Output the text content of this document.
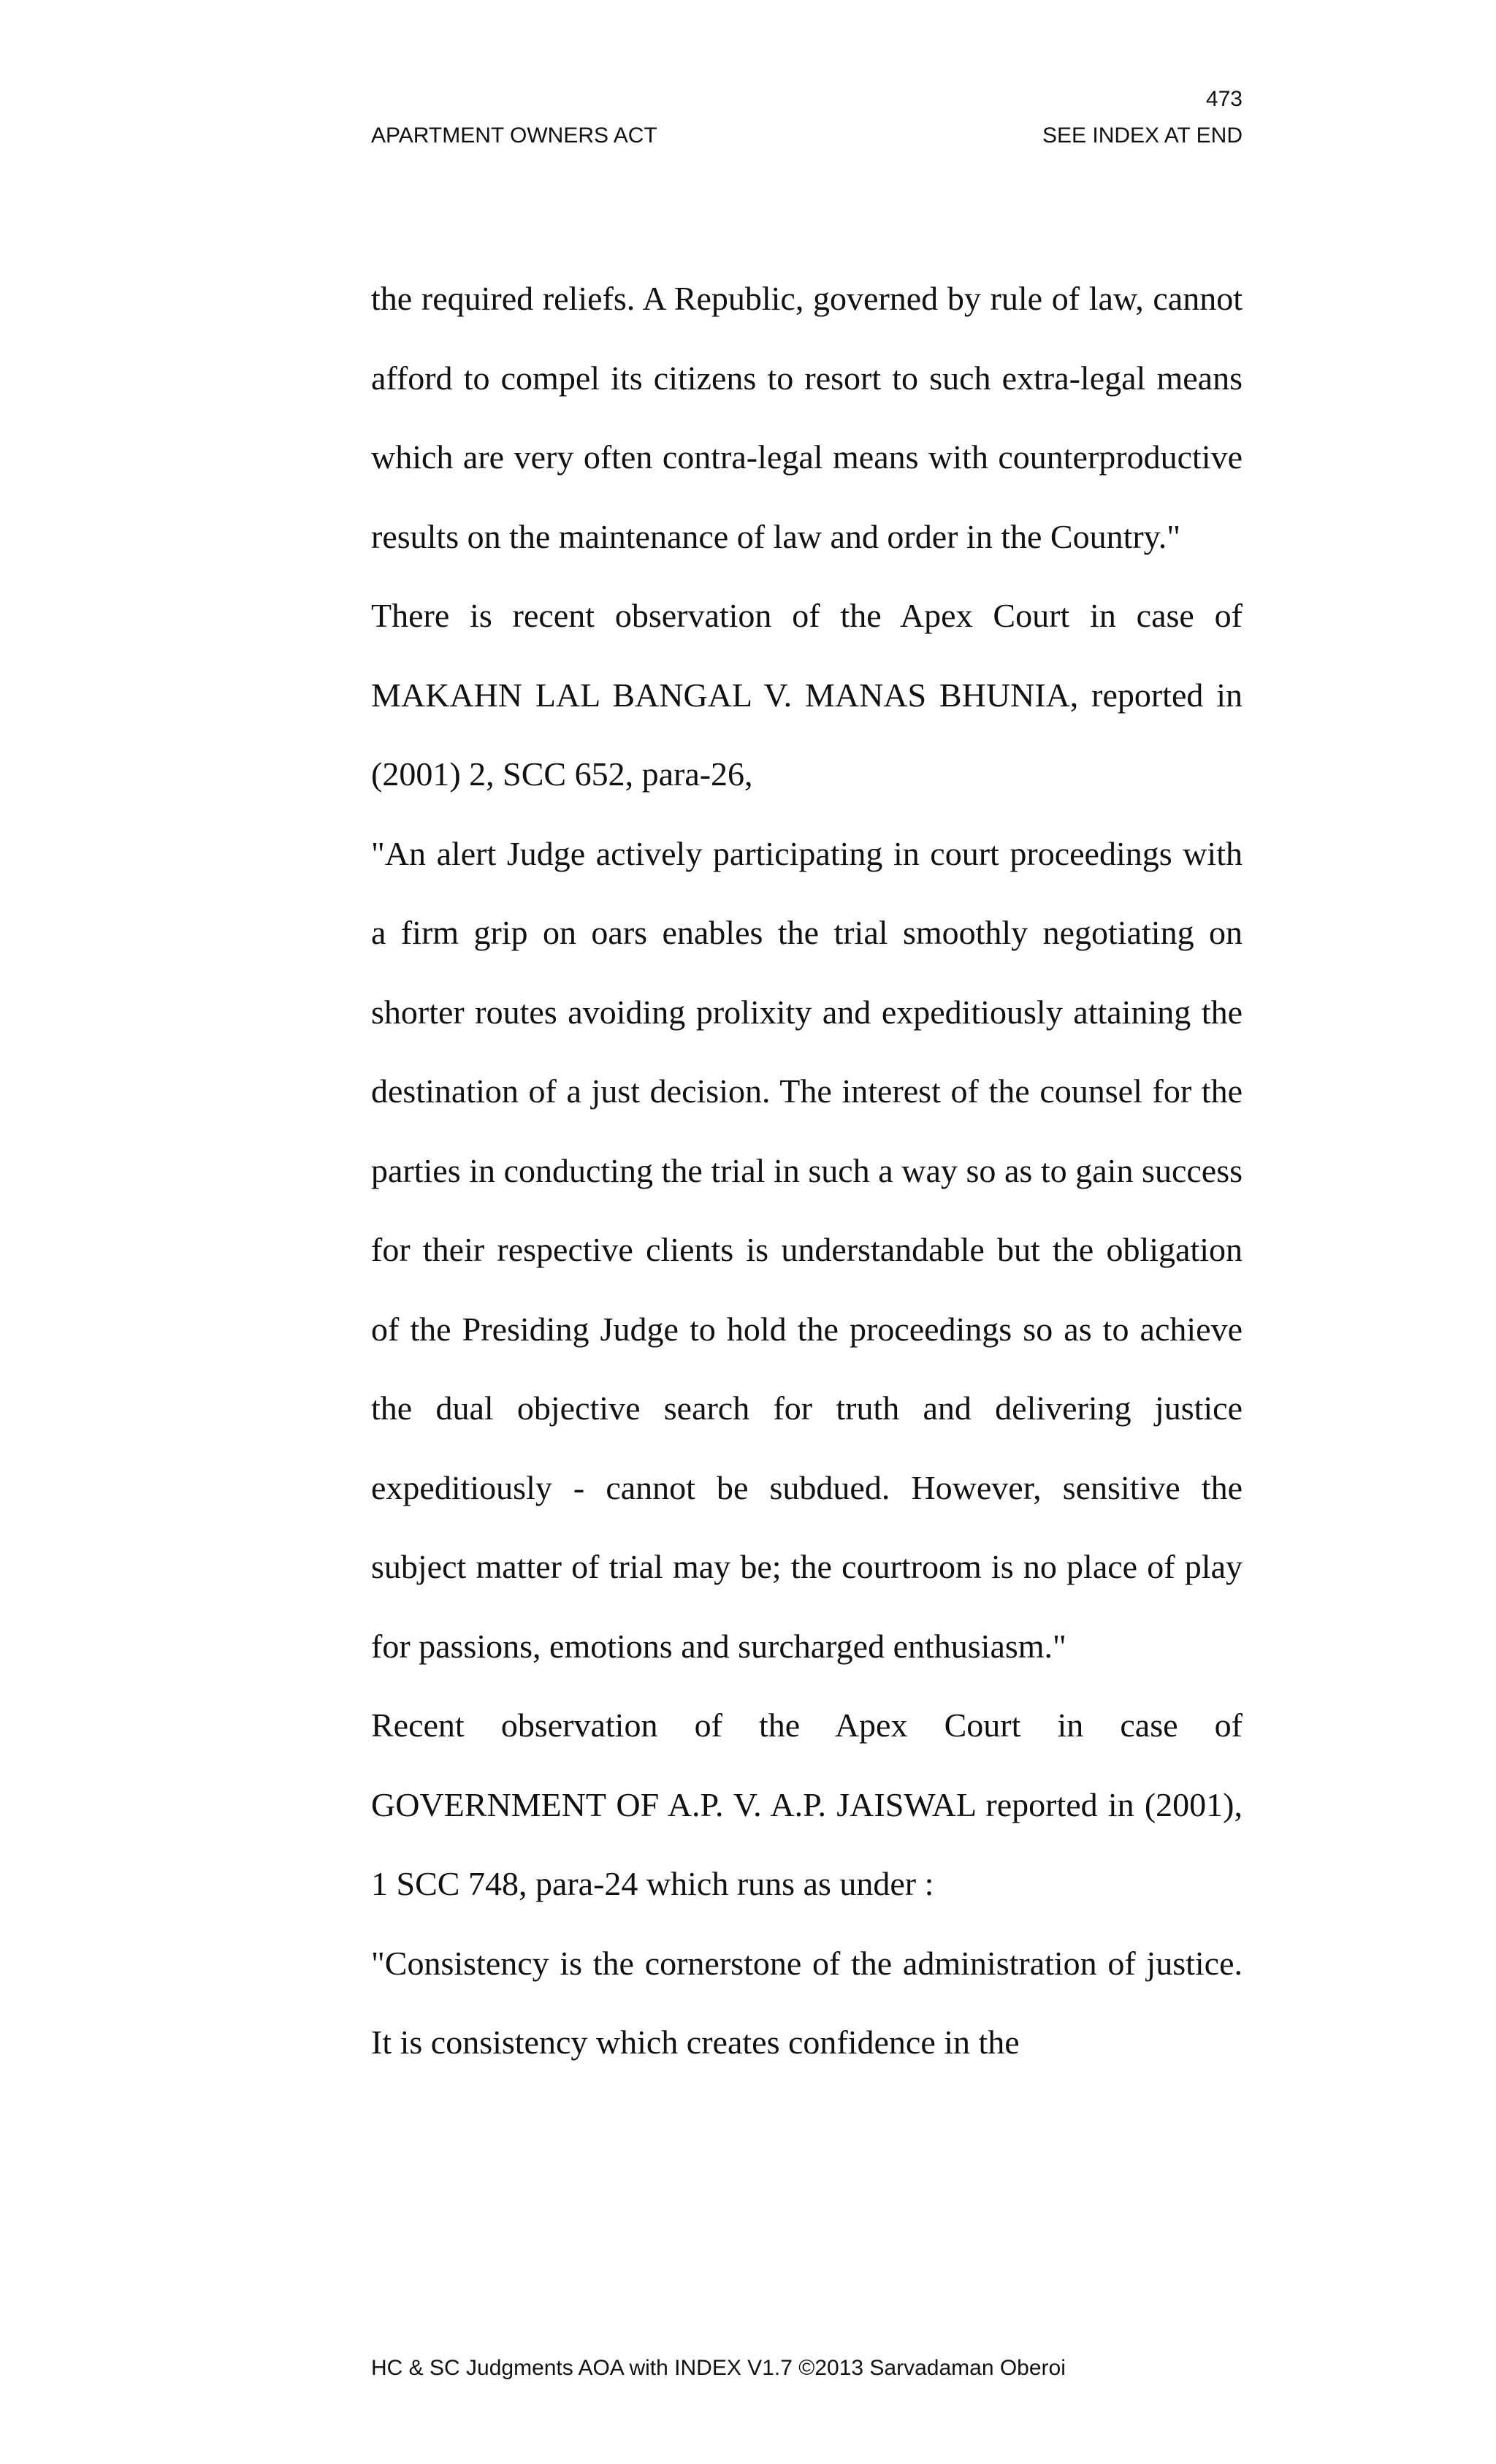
473
APARTMENT OWNERS ACT	SEE INDEX AT END

the required reliefs. A Republic, governed by rule of law, cannot afford to compel its citizens to resort to such extra-legal means which are very often contra-legal means with counterproductive results on the maintenance of law and order in the Country."

There is recent observation of the Apex Court in case of MAKAHN LAL BANGAL V. MANAS BHUNIA, reported in (2001) 2, SCC 652, para-26,

"An alert Judge actively participating in court proceedings with a firm grip on oars enables the trial smoothly negotiating on shorter routes avoiding prolixity and expeditiously attaining the destination of a just decision. The interest of the counsel for the parties in conducting the trial in such a way so as to gain success for their respective clients is understandable but the obligation of the Presiding Judge to hold the proceedings so as to achieve the dual objective search for truth and delivering justice expeditiously - cannot be subdued. However, sensitive the subject matter of trial may be; the courtroom is no place of play for passions, emotions and surcharged enthusiasm."

Recent observation of the Apex Court in case of GOVERNMENT OF A.P. V. A.P. JAISWAL reported in (2001), 1 SCC 748, para-24 which runs as under :

"Consistency is the cornerstone of the administration of justice. It is consistency which creates confidence in the

HC & SC Judgments AOA with INDEX V1.7 ©2013 Sarvadaman Oberoi
